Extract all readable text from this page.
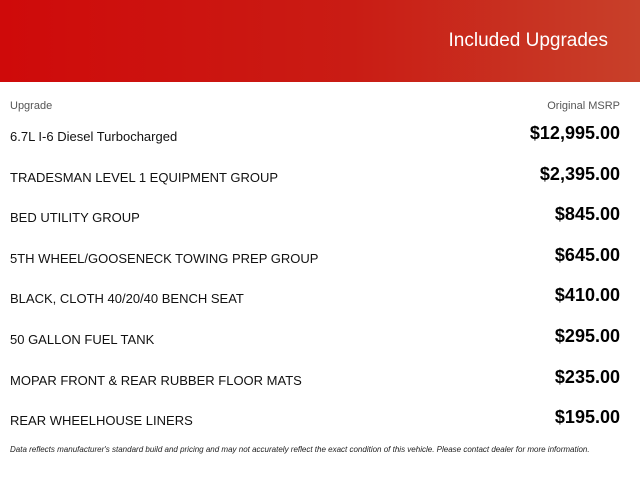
Included Upgrades
Upgrade	Original MSRP
6.7L I-6 Diesel Turbocharged	$12,995.00
TRADESMAN LEVEL 1 EQUIPMENT GROUP	$2,395.00
BED UTILITY GROUP	$845.00
5TH WHEEL/GOOSENECK TOWING PREP GROUP	$645.00
BLACK, CLOTH 40/20/40 BENCH SEAT	$410.00
50 GALLON FUEL TANK	$295.00
MOPAR FRONT & REAR RUBBER FLOOR MATS	$235.00
REAR WHEELHOUSE LINERS	$195.00
Data reflects manufacturer's standard build and pricing and may not accurately reflect the exact condition of this vehicle. Please contact dealer for more information.
